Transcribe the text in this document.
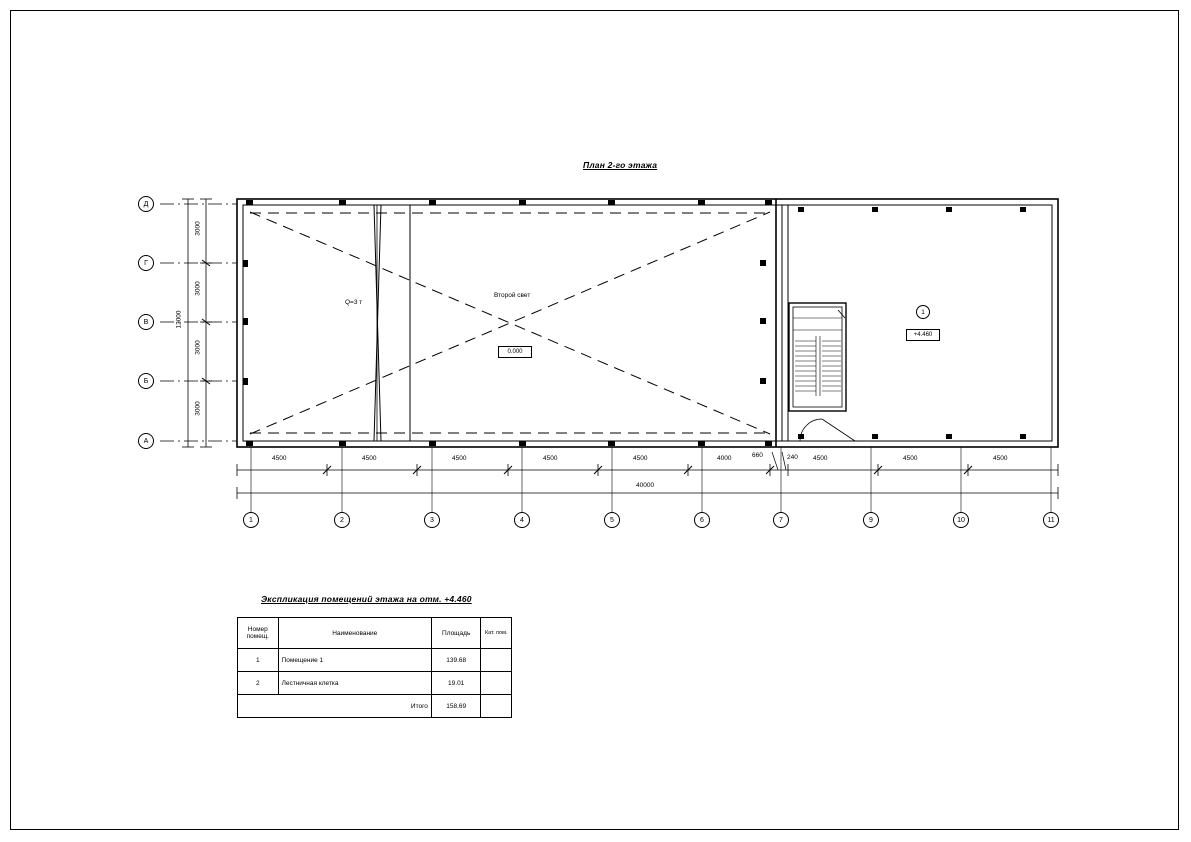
План 2-го этажа
Д
Г
В
Б
А
3000
3000
3000
3000
12000
4500	4500	4500	4500	4500	4000	4500	4500	4500
660	240
40000
1	2	3	4	5	6	7	9	10	11
Q=3 т
Второй свет
0.000
+4.460
1
Экспликация помещений этажа на отм. +4.460
Номер помещ.	Наименование	Площадь	Кат. пом.
1	Помещение 1	139.68	
2	Лестничная клетка	19.01	
	Итого	158.69	
